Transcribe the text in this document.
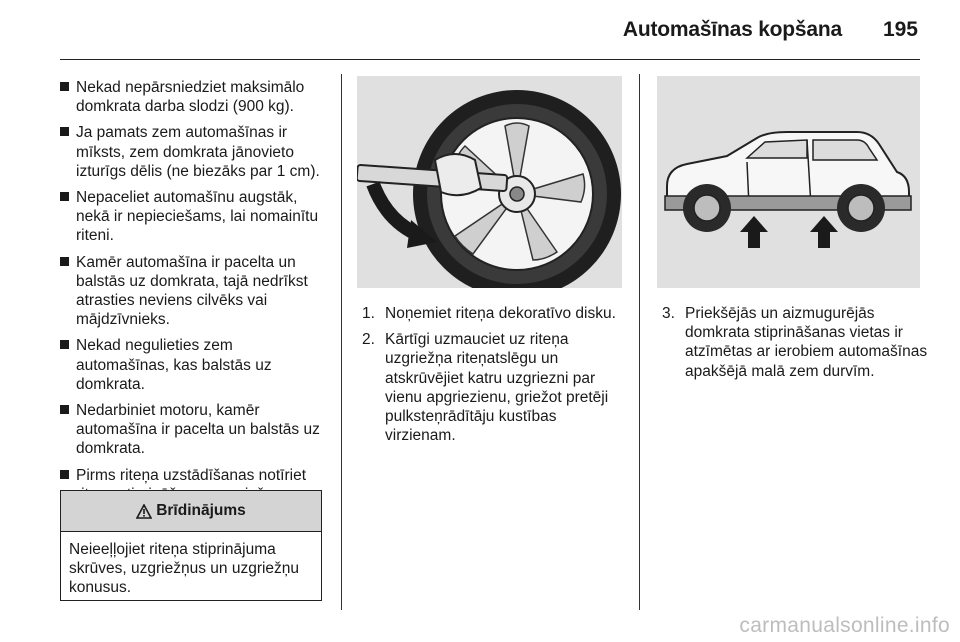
Automašīnas kopšana 195
Nekad nepārsniedziet maksimālo domkrata darba slodzi (900 kg).
Ja pamats zem automašīnas ir mīksts, zem domkrata jānovieto izturīgs dēlis (ne biezāks par 1 cm).
Nepaceliet automašīnu augstāk, nekā ir nepieciešams, lai nomainītu riteni.
Kamēr automašīna ir pacelta un balstās uz domkrata, tajā nedrīkst atrasties neviens cilvēks vai mājdzīvnieks.
Nekad negulieties zem automašīnas, kas balstās uz domkrata.
Nedarbiniet motoru, kamēr automašīna ir pacelta un balstās uz domkrata.
Pirms riteņa uzstādīšanas notīriet
Brīdinājums
Neieeļļojiet riteņa stiprinājuma skrūves, uzgriežņus un uzgriežņu konusus.
1. Noņemiet riteņa dekoratīvo disku.
2. Kārtīgi uzmauciet uz riteņa uzgriežņa riteņatslēgu un atskrūvējiet katru uzgriezni par vienu apgriezienu, griežot pretēji pulksteņrādītāju kustības virzienam.
3. Priekšējās un aizmugurējās domkrata stiprināšanas vietas ir atzīmētas ar ierobiem automašīnas apakšējā malā zem durvīm.
carmanualsonline.info
